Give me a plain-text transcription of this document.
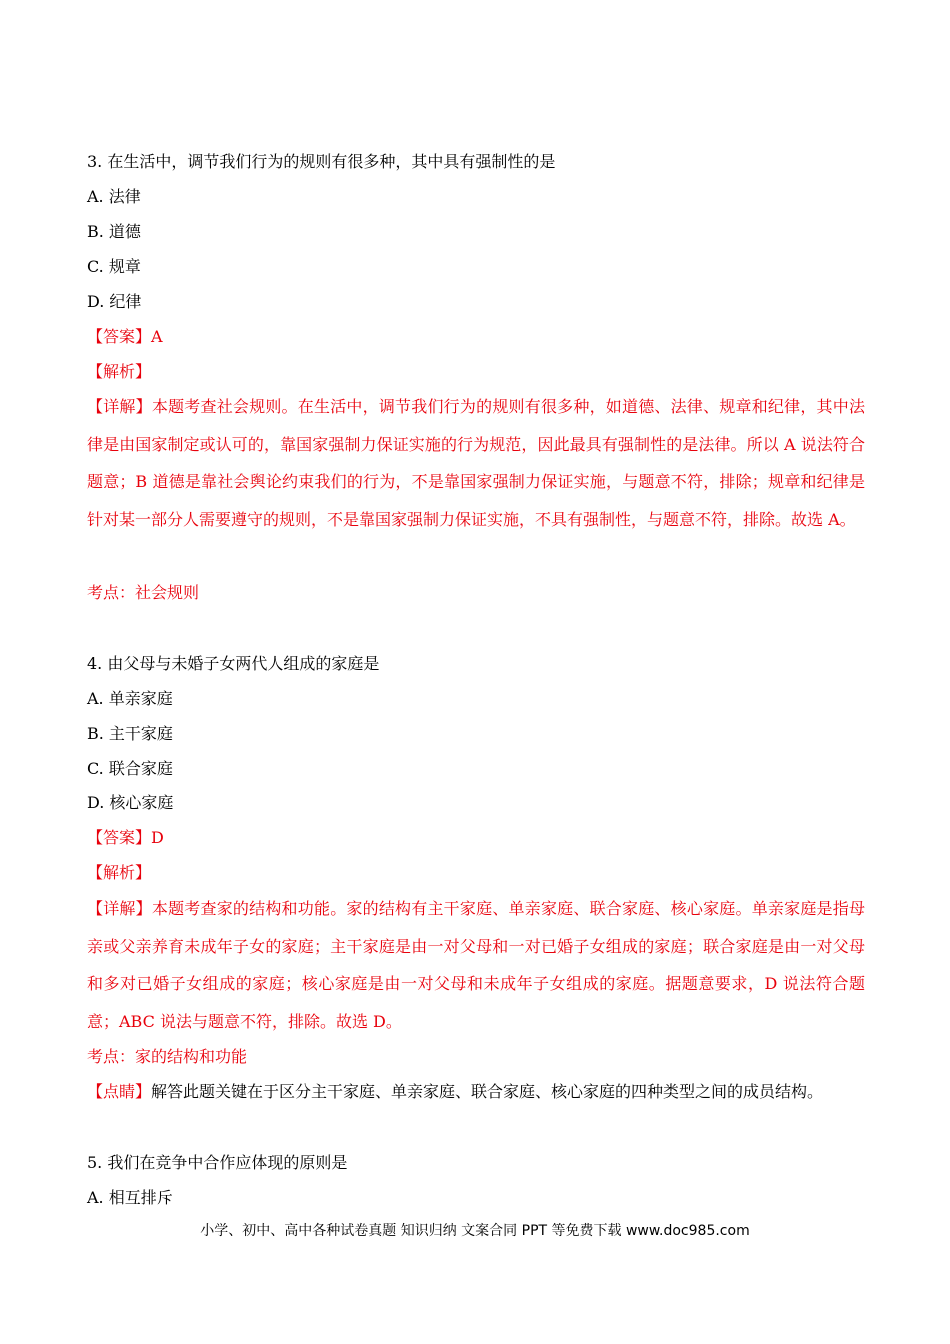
3. 在生活中，调节我们行为的规则有很多种，其中具有强制性的是
A. 法律
B. 道德
C. 规章
D. 纪律
【答案】A
【解析】
【详解】本题考查社会规则。在生活中，调节我们行为的规则有很多种，如道德、法律、规章和纪律，其中法律是由国家制定或认可的，靠国家强制力保证实施的行为规范，因此最具有强制性的是法律。所以 A 说法符合题意；B 道德是靠社会舆论约束我们的行为，不是靠国家强制力保证实施，与题意不符，排除；规章和纪律是针对某一部分人需要遵守的规则，不是靠国家强制力保证实施，不具有强制性，与题意不符，排除。故选 A。
考点：社会规则
4. 由父母与未婚子女两代人组成的家庭是
A. 单亲家庭
B. 主干家庭
C. 联合家庭
D. 核心家庭
【答案】D
【解析】
【详解】本题考查家的结构和功能。家的结构有主干家庭、单亲家庭、联合家庭、核心家庭。单亲家庭是指母亲或父亲养育未成年子女的家庭；主干家庭是由一对父母和一对已婚子女组成的家庭；联合家庭是由一对父母和多对已婚子女组成的家庭；核心家庭是由一对父母和未成年子女组成的家庭。据题意要求，D 说法符合题意；ABC 说法与题意不符，排除。故选 D。
考点：家的结构和功能
【点睛】解答此题关键在于区分主干家庭、单亲家庭、联合家庭、核心家庭的四种类型之间的成员结构。
5. 我们在竞争中合作应体现的原则是
A. 相互排斥
小学、初中、高中各种试卷真题 知识归纳 文案合同 PPT 等免费下载 www.doc985.com
